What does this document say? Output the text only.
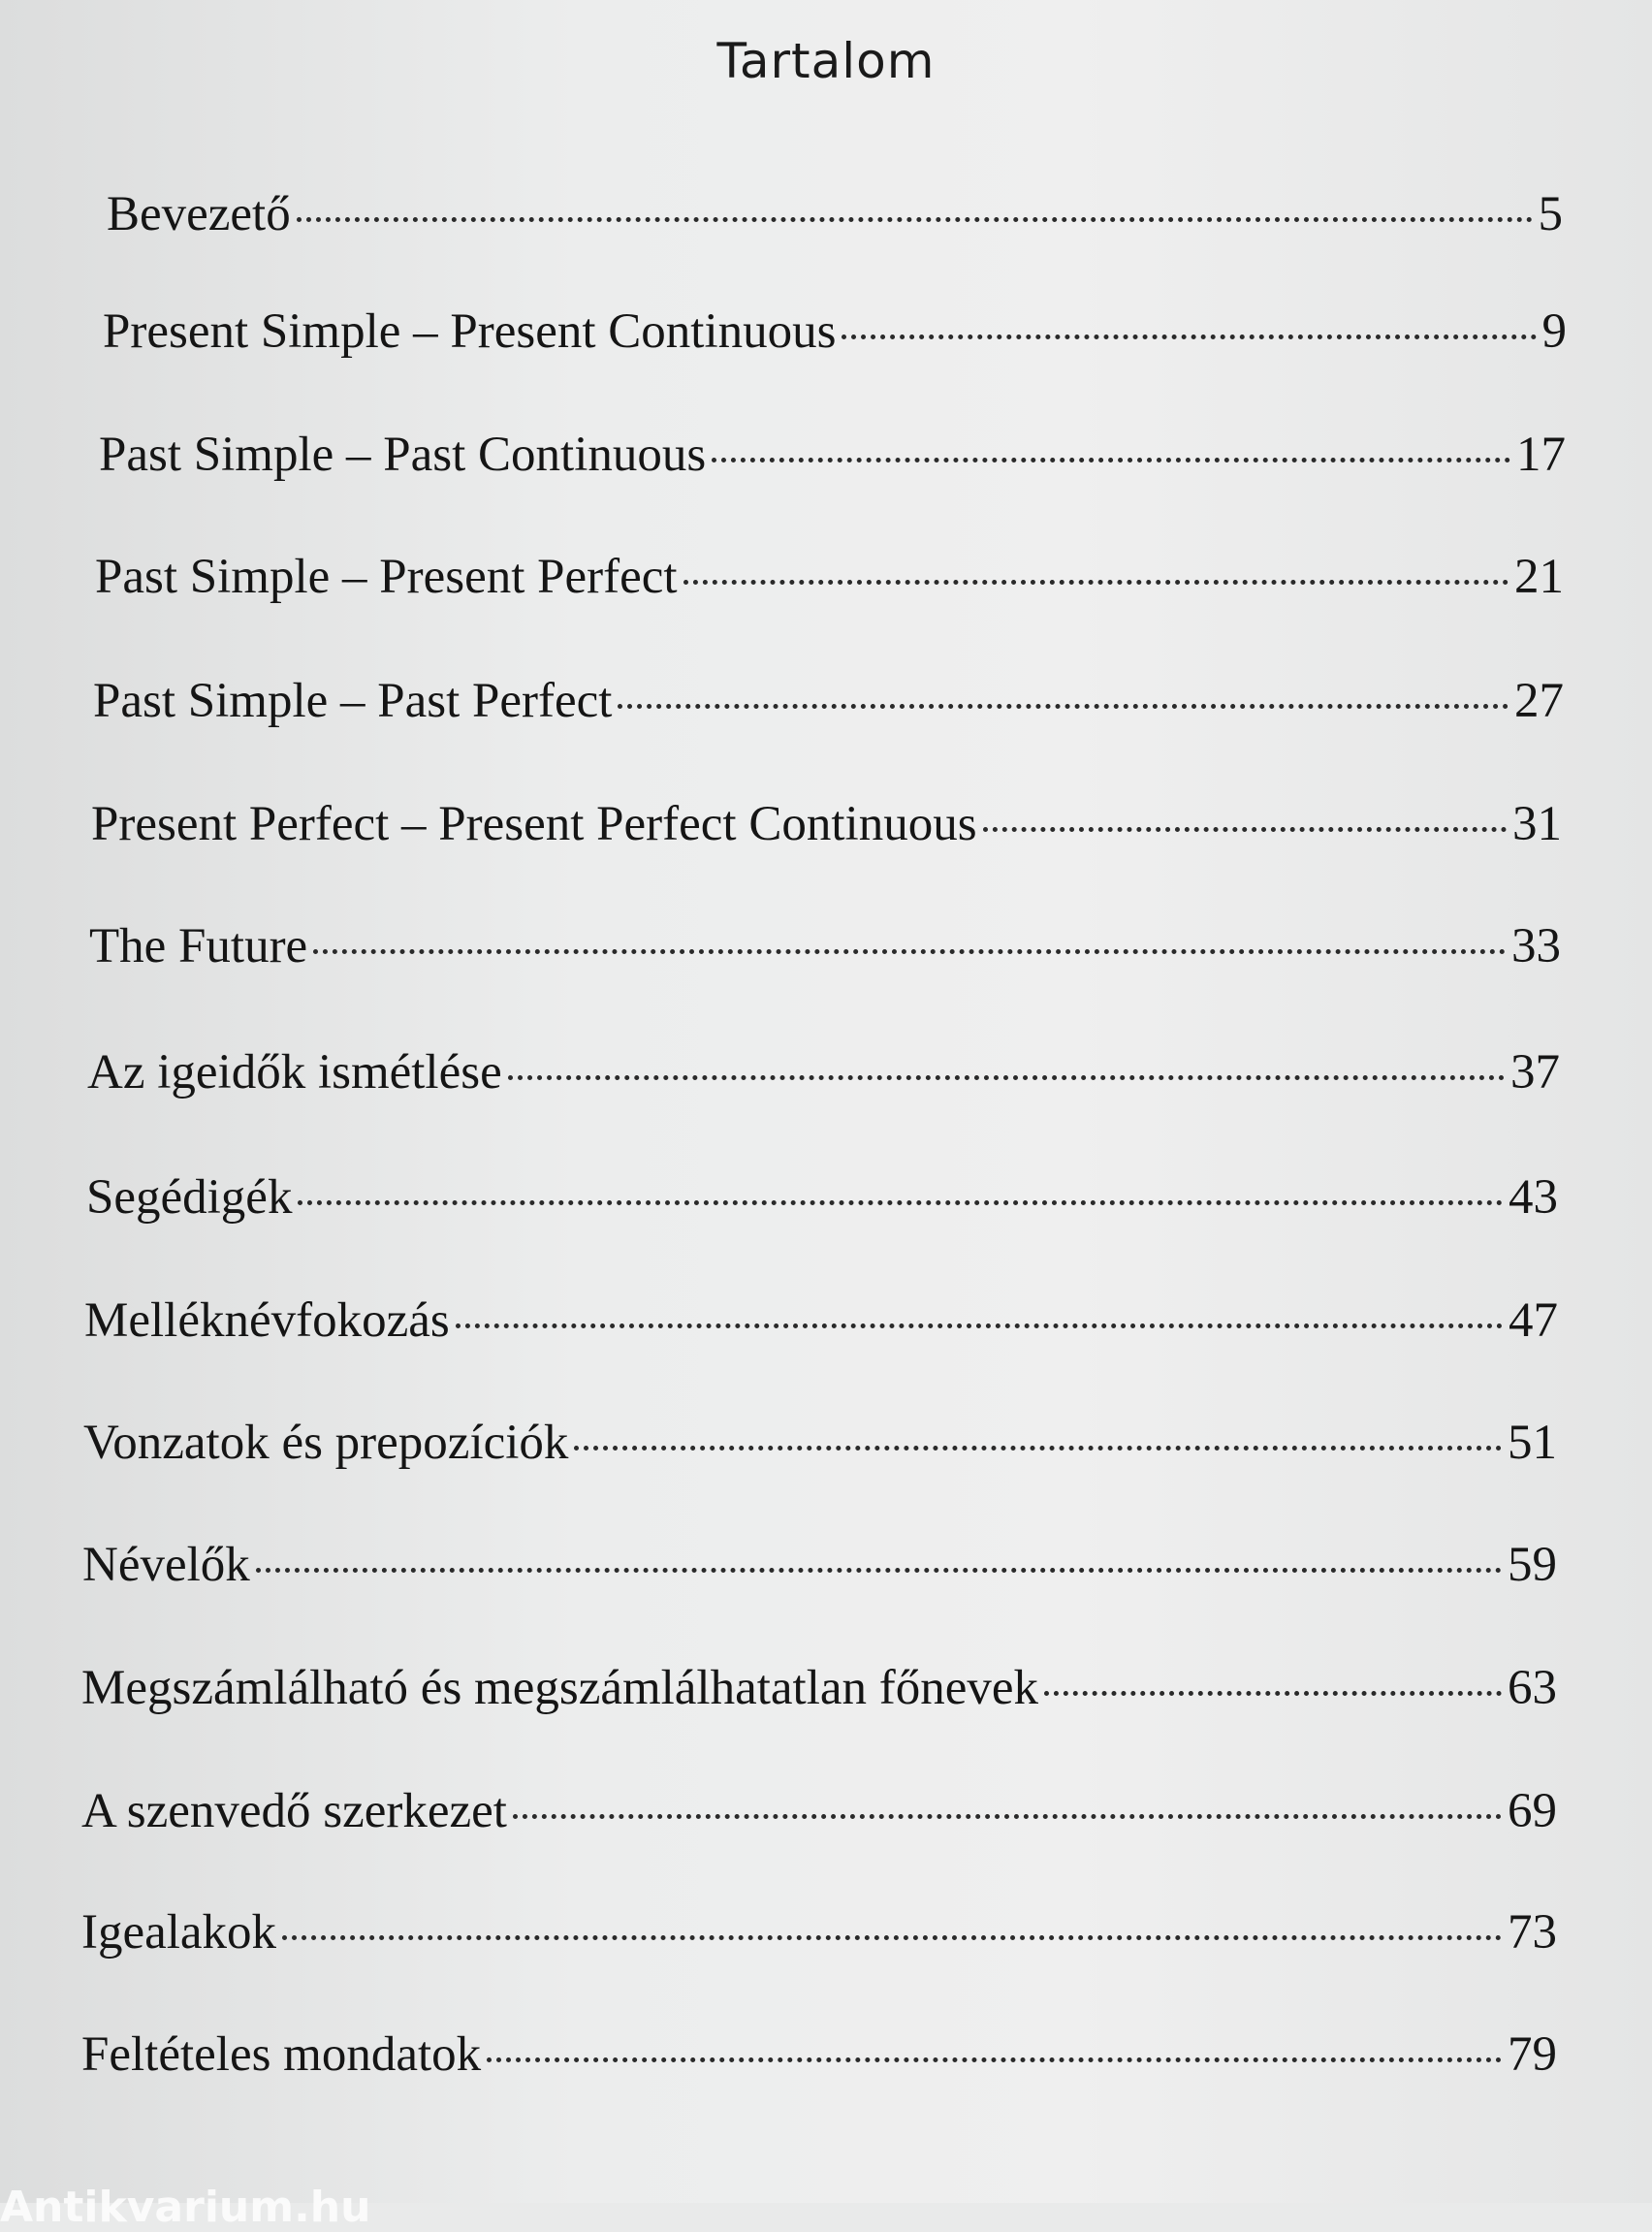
Tartalom
Bevezető	5
Present Simple – Present Continuous	9
Past Simple – Past Continuous	17
Past Simple – Present Perfect	21
Past Simple – Past Perfect	27
Present Perfect – Present Perfect Continuous	31
The Future	33
Az igeidők ismétlése	37
Segédigék	43
Melléknévfokozás	47
Vonzatok és prepozíciók	51
Névelők	59
Megszámlálható és megszámlálhatatlan főnevek	63
A szenvedő szerkezet	69
Igealakok	73
Feltételes mondatok	79
Antikvarium.hu
